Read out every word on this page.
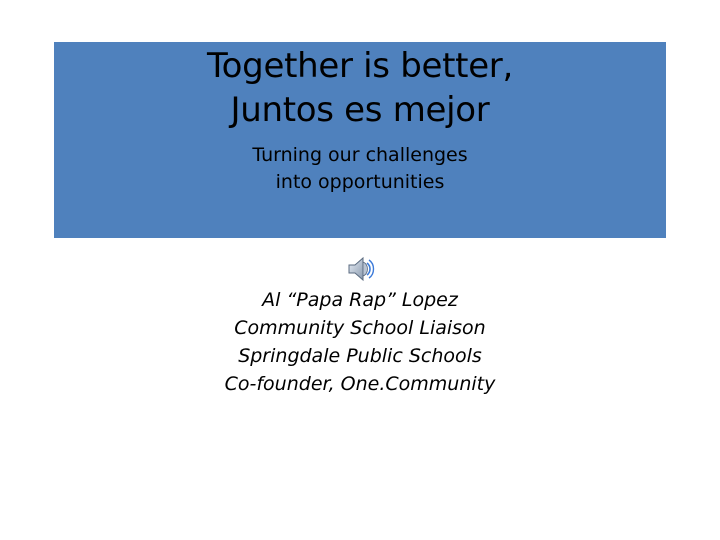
Together is better,
Juntos es mejor
Turning our challenges
into opportunities
Al “Papa Rap” Lopez
Community School Liaison
Springdale Public Schools
Co-founder, One.Community
